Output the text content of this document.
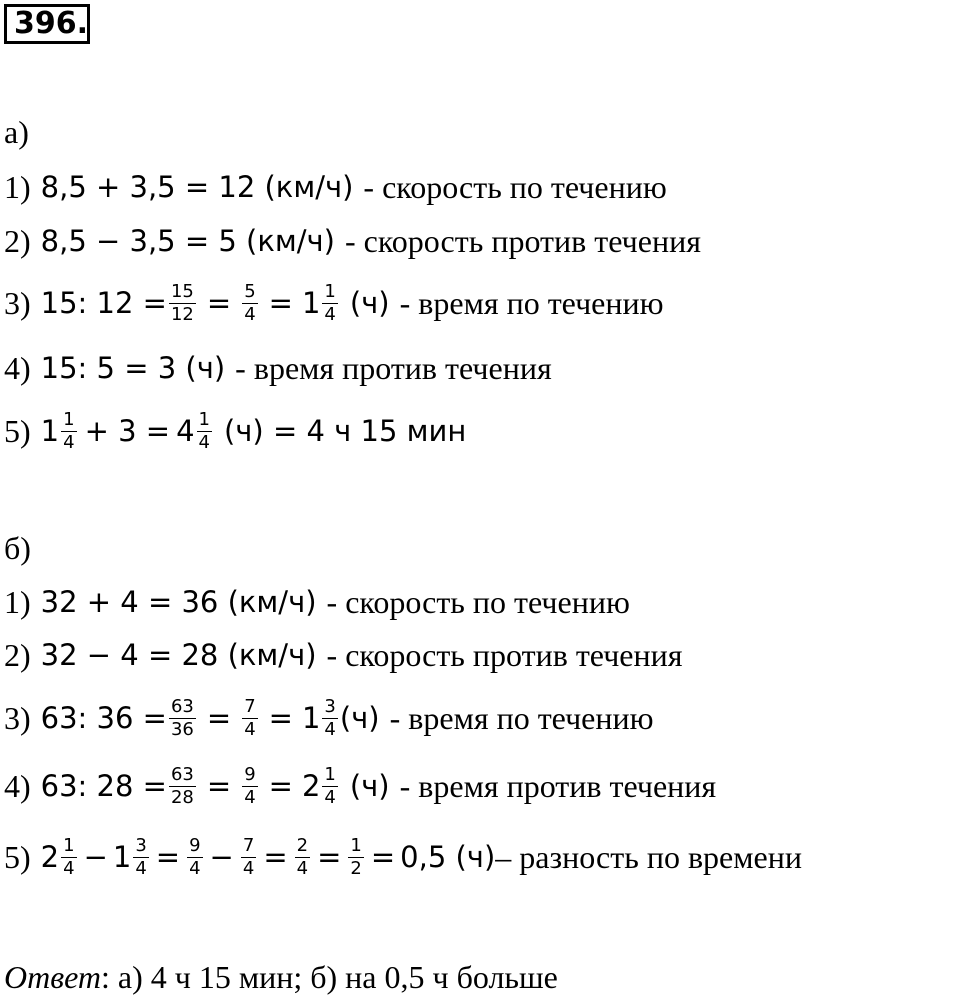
396.
а)
1) 8,5 + 3,5 = 12 (км/ч) - скорость по течению
2) 8,5 − 3,5 = 5 (км/ч) - скорость против течения
3) 15: $12 = \frac{15}{12} = \frac{5}{4} = 1 \frac{1}{4} (ч)$ - время по течению
4) 15: 5 = 3 (ч) - время против течения
5) $1 \frac{1}{4} + 3 = 4 \frac{1}{4} (ч) = 4$ ч 15 мин
б)
1) 32 + 4 = 36 (км/ч) - скорость по течению
2) 32 − 4 = 28 (км/ч) - скорость против течения
3) 63: $36 = \frac{63}{36} = \frac{7}{4} = 1 \frac{3}{4} (ч)$ - время по течению
4) 63: $28 = \frac{63}{28} = \frac{9}{4} = 2 \frac{1}{4} (ч)$ - время против течения
5) $2 \frac{1}{4} - 1 \frac{3}{4} = \frac{9}{4} - \frac{7}{4} = \frac{2}{4} = \frac{1}{2} = 0,5$ (ч) – разность по времени
Ответ : а) 4 ч 15 мин; б) на 0,5 ч больше
